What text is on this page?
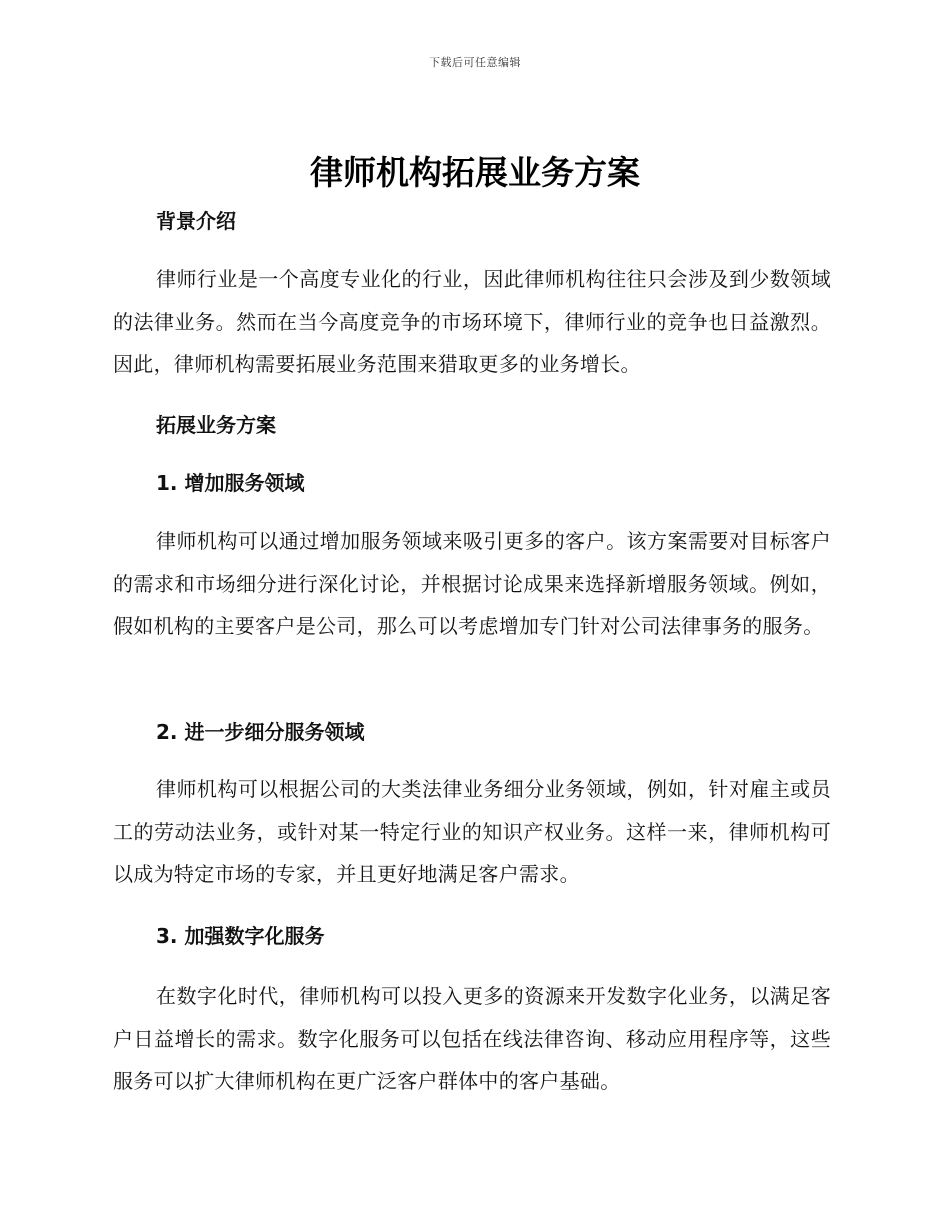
下载后可任意编辑
律师机构拓展业务方案
背景介绍

律师行业是一个高度专业化的行业，因此律师机构往往只会涉及到少数领域的法律业务。然而在当今高度竞争的市场环境下，律师行业的竞争也日益激烈。因此，律师机构需要拓展业务范围来猎取更多的业务增长。

拓展业务方案
1. 增加服务领域

律师机构可以通过增加服务领域来吸引更多的客户。该方案需要对目标客户的需求和市场细分进行深化讨论，并根据讨论成果来选择新增服务领域。例如，假如机构的主要客户是公司，那么可以考虑增加专门针对公司法律事务的服务。

2. 进一步细分服务领域

律师机构可以根据公司的大类法律业务细分业务领域，例如，针对雇主或员工的劳动法业务，或针对某一特定行业的知识产权业务。这样一来，律师机构可以成为特定市场的专家，并且更好地满足客户需求。

3. 加强数字化服务

在数字化时代，律师机构可以投入更多的资源来开发数字化业务，以满足客户日益增长的需求。数字化服务可以包括在线法律咨询、移动应用程序等，这些服务可以扩大律师机构在更广泛客户群体中的客户基础。
